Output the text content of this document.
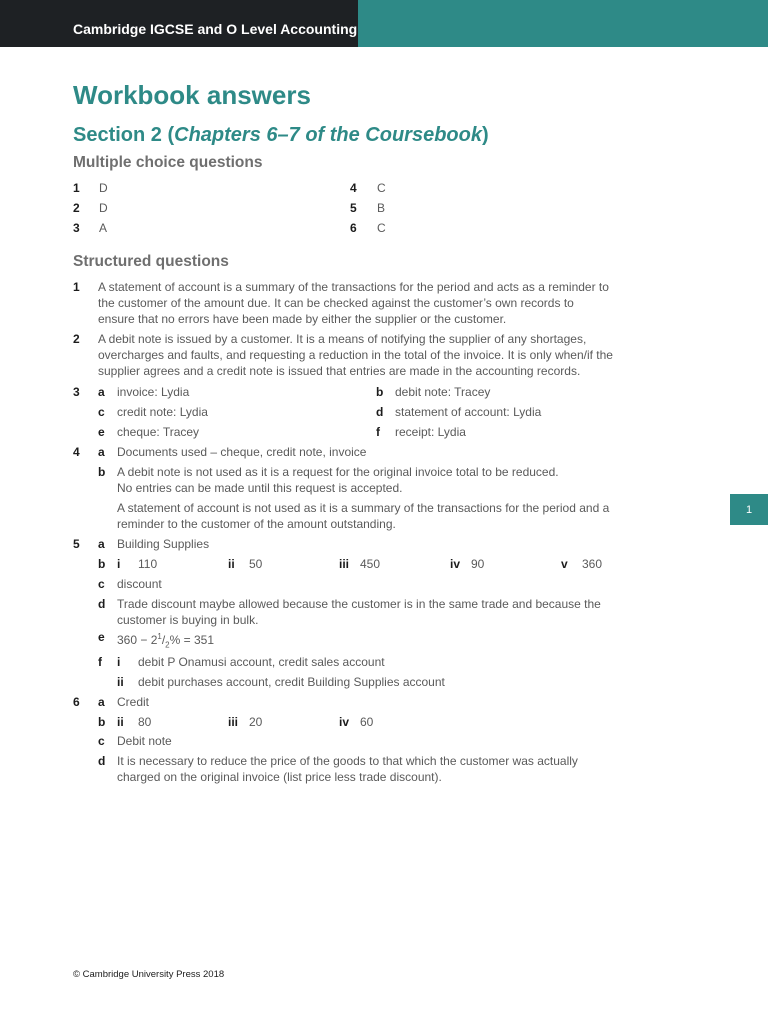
Cambridge IGCSE and O Level Accounting
1
Workbook answers
Section 2 (Chapters 6–7 of the Coursebook)
Multiple choice questions
1 D
2 D
3 A
4 C
5 B
6 C
Structured questions
1 A statement of account is a summary of the transactions for the period and acts as a reminder to the customer of the amount due. It can be checked against the customer’s own records to ensure that no errors have been made by either the supplier or the customer.
2 A debit note is issued by a customer. It is a means of notifying the supplier of any shortages, overcharges and faults, and requesting a reduction in the total of the invoice. It is only when/if the supplier agrees and a credit note is issued that entries are made in the accounting records.
3 a invoice: Lydia	b debit note: Tracey
c credit note: Lydia	d statement of account: Lydia
e cheque: Tracey	f receipt: Lydia
4 a Documents used – cheque, credit note, invoice
b A debit note is not used as it is a request for the original invoice total to be reduced.
No entries can be made until this request is accepted.
A statement of account is not used as it is a summary of the transactions for the period and a reminder to the customer of the amount outstanding.
5 a Building Supplies
b i 110	ii 50	iii 450	iv 90	v 360
c discount
d Trade discount maybe allowed because the customer is in the same trade and because the customer is buying in bulk.
e $360 - 2^1/_2\% = 351$
f i debit P Onamusi account, credit sales account
ii debit purchases account, credit Building Supplies account
6 a Credit
b ii 80	iii 20	iv 60
c Debit note
d It is necessary to reduce the price of the goods to that which the customer was actually charged on the original invoice (list price less trade discount).
© Cambridge University Press 2018
